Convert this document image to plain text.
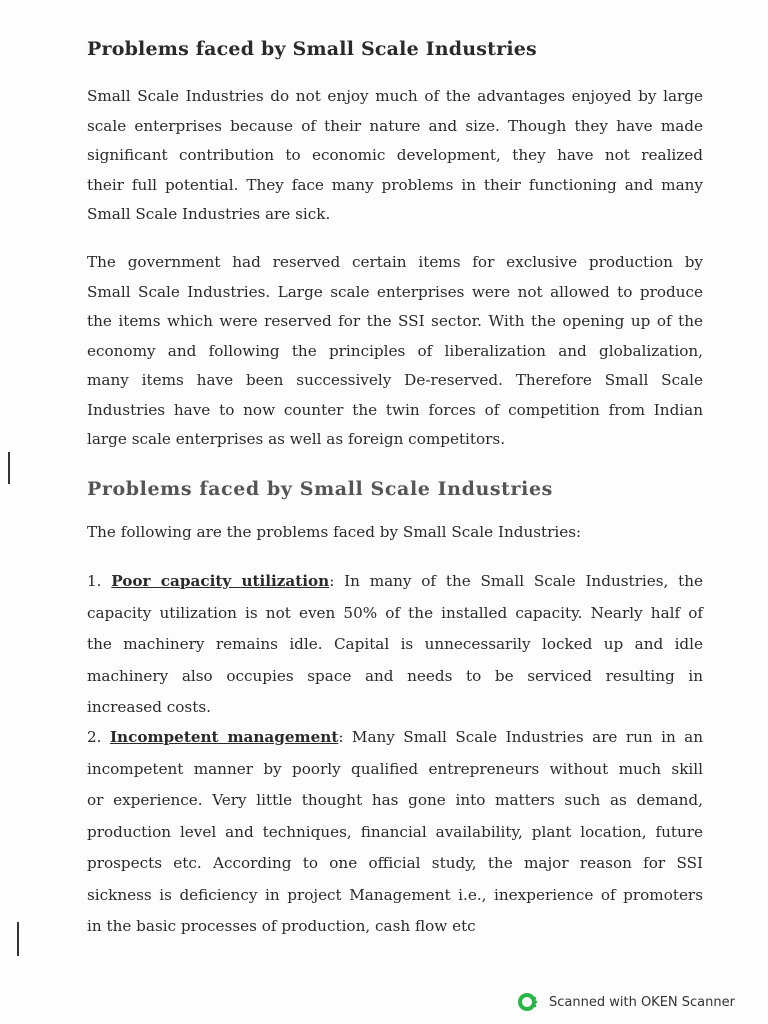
Problems faced by Small Scale Industries
Small Scale Industries do not enjoy much of the advantages enjoyed by large
scale enterprises because of their nature and size. Though they have made
significant contribution to economic development, they have not realized
their full potential. They face many problems in their functioning and many
Small Scale Industries are sick.
The government had reserved certain items for exclusive production by
Small Scale Industries. Large scale enterprises were not allowed to produce
the items which were reserved for the SSI sector. With the opening up of the
economy and following the principles of liberalization and globalization,
many items have been successively De-reserved. Therefore Small Scale
Industries have to now counter the twin forces of competition from Indian
large scale enterprises as well as foreign competitors.
Problems faced by Small Scale Industries
The following are the problems faced by Small Scale Industries:
1. Poor capacity utilization: In many of the Small Scale Industries, the
capacity utilization is not even 50% of the installed capacity. Nearly half of
the machinery remains idle. Capital is unnecessarily locked up and idle
machinery also occupies space and needs to be serviced resulting in
increased costs.
2. Incompetent management: Many Small Scale Industries are run in an
incompetent manner by poorly qualified entrepreneurs without much skill
or experience. Very little thought has gone into matters such as demand,
production level and techniques, financial availability, plant location, future
prospects etc. According to one official study, the major reason for SSI
sickness is deficiency in project Management i.e., inexperience of promoters
in the basic processes of production, cash flow etc
Scanned with OKEN Scanner
